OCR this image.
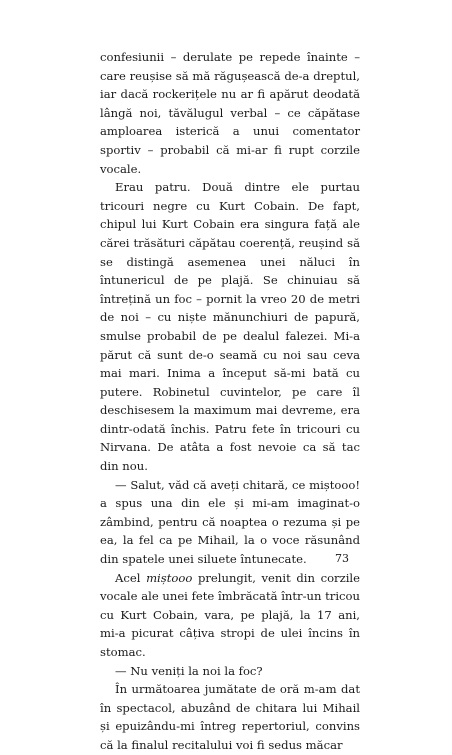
confesiunii – derulate pe repede înainte – care reușise să mă răgușească de-a dreptul, iar dacă rockerițele nu ar fi apărut deodată lângă noi, tăvălugul verbal – ce căpătase amploarea isterică a unui comentator sportiv – probabil că mi-ar fi rupt corzile vocale.

Erau patru. Două dintre ele purtau tricouri negre cu Kurt Cobain. De fapt, chipul lui Kurt Cobain era singura față ale cărei trăsături căpătau coerență, reușind să se distingă asemenea unei năluci în întunericul de pe plajă. Se chinuiau să întrețină un foc – pornit la vreo 20 de metri de noi – cu niște mănunchiuri de papură, smulse probabil de pe dealul falezei. Mi-a părut că sunt de-o seamă cu noi sau ceva mai mari. Inima a început să-mi bată cu putere. Robinetul cuvintelor, pe care îl deschisesem la maximum mai devreme, era dintr-odată închis. Patru fete în tricouri cu Nirvana. De atâta a fost nevoie ca să tac din nou.

— Salut, văd că aveți chitară, ce miștooo! a spus una din ele și mi-am imaginat-o zâmbind, pentru că noaptea o rezuma și pe ea, la fel ca pe Mihail, la o voce răsunând din spatele unei siluete întunecate.

Acel miștooo prelungit, venit din corzile vocale ale unei fete îmbrăcată într-un tricou cu Kurt Cobain, vara, pe plajă, la 17 ani, mi-a picurat câțiva stropi de ulei încins în stomac.

— Nu veniți la noi la foc?

În următoarea jumătate de oră m-am dat în spectacol, abuzând de chitara lui Mihail și epuizându-mi întreg repertoriul, convins că la finalul recitalului voi fi sedus măcar

73
